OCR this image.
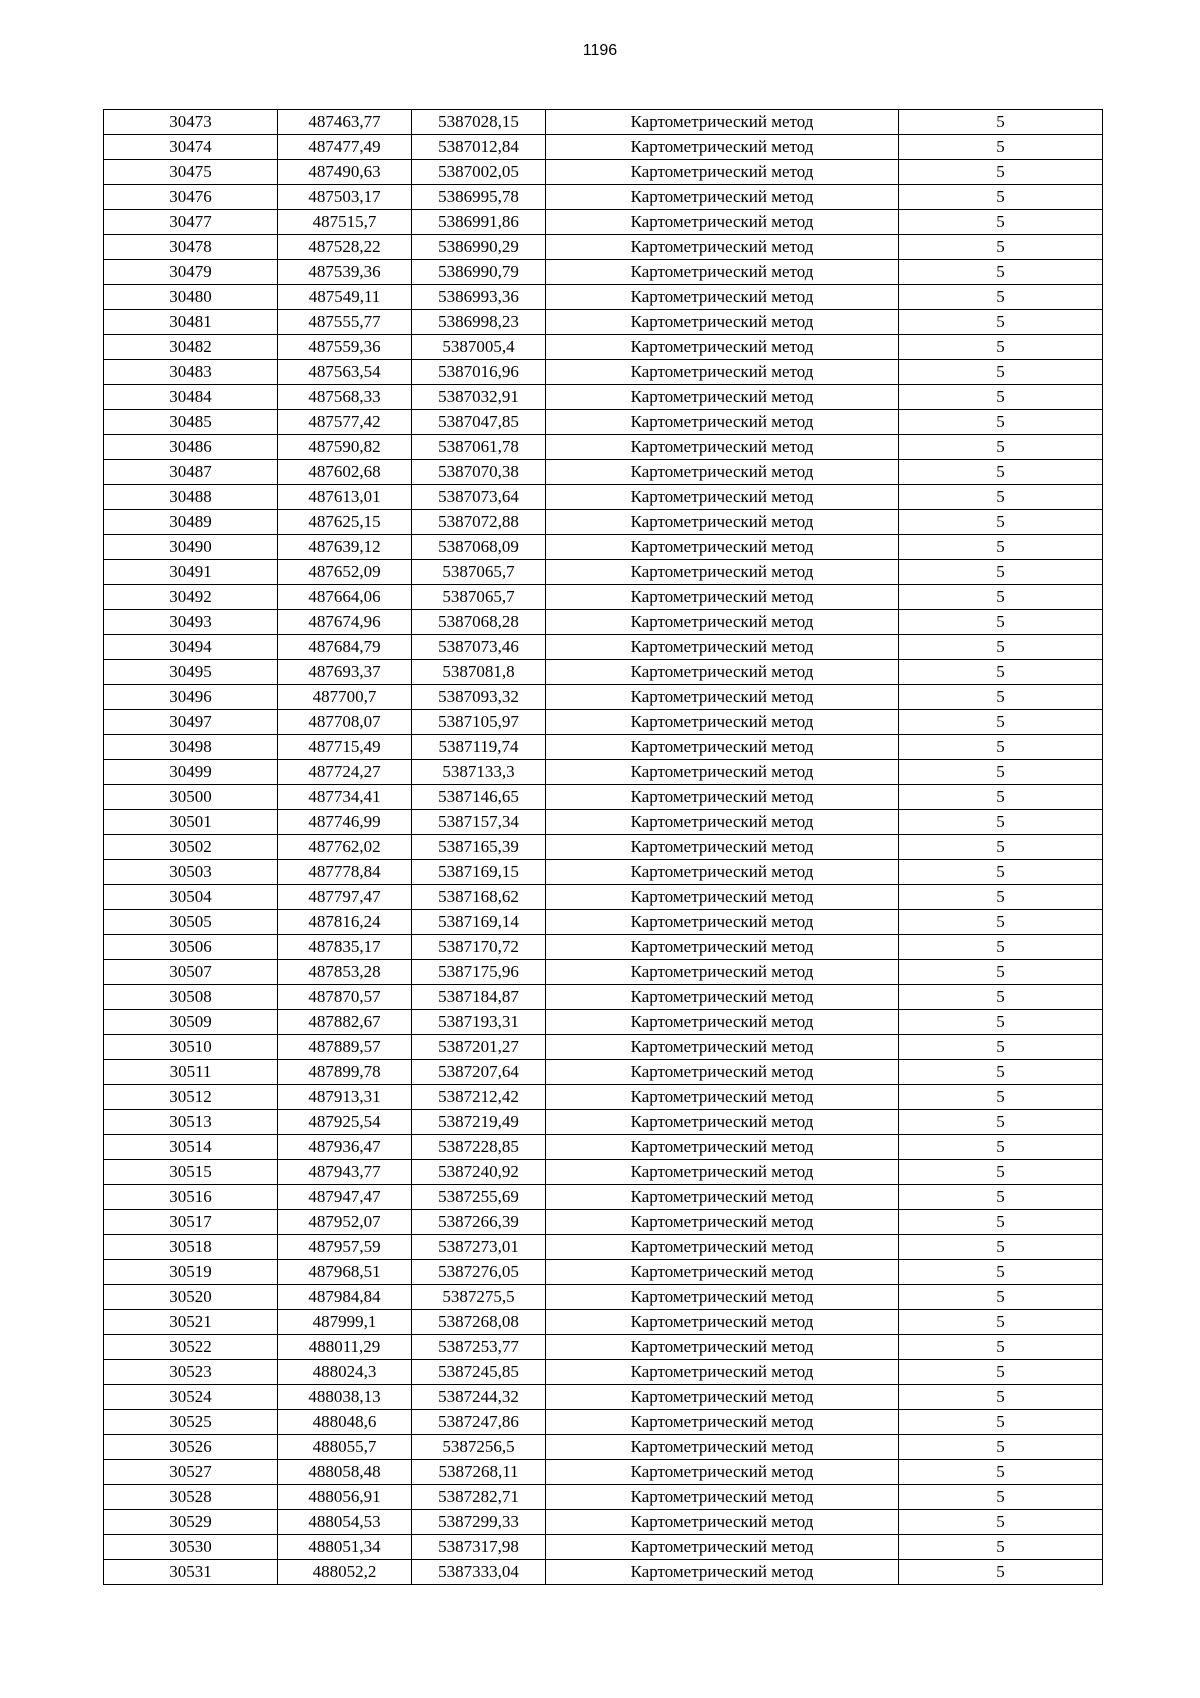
1196
30473	487463,77	5387028,15	Картометрический метод	5
30474	487477,49	5387012,84	Картометрический метод	5
30475	487490,63	5387002,05	Картометрический метод	5
30476	487503,17	5386995,78	Картометрический метод	5
30477	487515,7	5386991,86	Картометрический метод	5
30478	487528,22	5386990,29	Картометрический метод	5
30479	487539,36	5386990,79	Картометрический метод	5
30480	487549,11	5386993,36	Картометрический метод	5
30481	487555,77	5386998,23	Картометрический метод	5
30482	487559,36	5387005,4	Картометрический метод	5
30483	487563,54	5387016,96	Картометрический метод	5
30484	487568,33	5387032,91	Картометрический метод	5
30485	487577,42	5387047,85	Картометрический метод	5
30486	487590,82	5387061,78	Картометрический метод	5
30487	487602,68	5387070,38	Картометрический метод	5
30488	487613,01	5387073,64	Картометрический метод	5
30489	487625,15	5387072,88	Картометрический метод	5
30490	487639,12	5387068,09	Картометрический метод	5
30491	487652,09	5387065,7	Картометрический метод	5
30492	487664,06	5387065,7	Картометрический метод	5
30493	487674,96	5387068,28	Картометрический метод	5
30494	487684,79	5387073,46	Картометрический метод	5
30495	487693,37	5387081,8	Картометрический метод	5
30496	487700,7	5387093,32	Картометрический метод	5
30497	487708,07	5387105,97	Картометрический метод	5
30498	487715,49	5387119,74	Картометрический метод	5
30499	487724,27	5387133,3	Картометрический метод	5
30500	487734,41	5387146,65	Картометрический метод	5
30501	487746,99	5387157,34	Картометрический метод	5
30502	487762,02	5387165,39	Картометрический метод	5
30503	487778,84	5387169,15	Картометрический метод	5
30504	487797,47	5387168,62	Картометрический метод	5
30505	487816,24	5387169,14	Картометрический метод	5
30506	487835,17	5387170,72	Картометрический метод	5
30507	487853,28	5387175,96	Картометрический метод	5
30508	487870,57	5387184,87	Картометрический метод	5
30509	487882,67	5387193,31	Картометрический метод	5
30510	487889,57	5387201,27	Картометрический метод	5
30511	487899,78	5387207,64	Картометрический метод	5
30512	487913,31	5387212,42	Картометрический метод	5
30513	487925,54	5387219,49	Картометрический метод	5
30514	487936,47	5387228,85	Картометрический метод	5
30515	487943,77	5387240,92	Картометрический метод	5
30516	487947,47	5387255,69	Картометрический метод	5
30517	487952,07	5387266,39	Картометрический метод	5
30518	487957,59	5387273,01	Картометрический метод	5
30519	487968,51	5387276,05	Картометрический метод	5
30520	487984,84	5387275,5	Картометрический метод	5
30521	487999,1	5387268,08	Картометрический метод	5
30522	488011,29	5387253,77	Картометрический метод	5
30523	488024,3	5387245,85	Картометрический метод	5
30524	488038,13	5387244,32	Картометрический метод	5
30525	488048,6	5387247,86	Картометрический метод	5
30526	488055,7	5387256,5	Картометрический метод	5
30527	488058,48	5387268,11	Картометрический метод	5
30528	488056,91	5387282,71	Картометрический метод	5
30529	488054,53	5387299,33	Картометрический метод	5
30530	488051,34	5387317,98	Картометрический метод	5
30531	488052,2	5387333,04	Картометрический метод	5
